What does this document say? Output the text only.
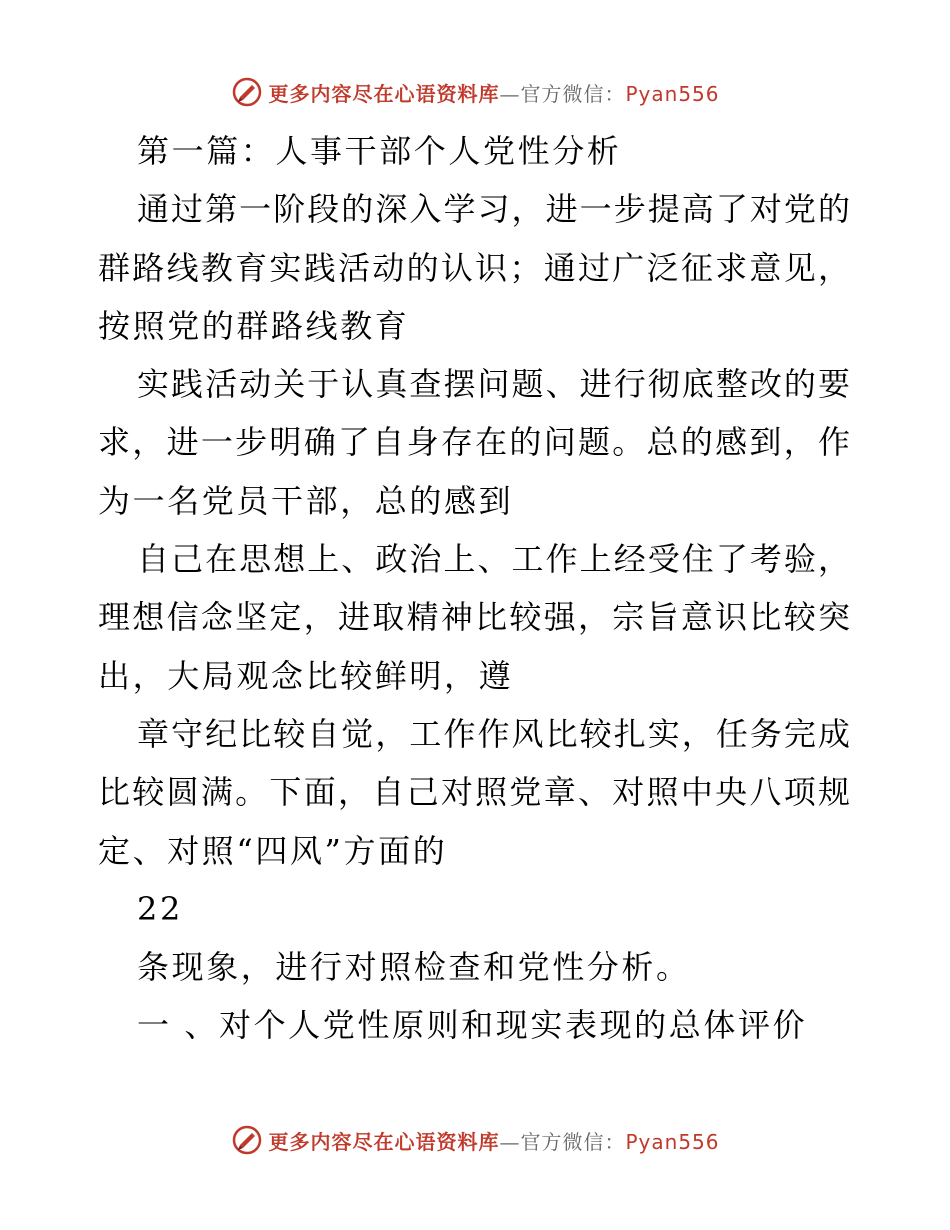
更多内容尽在心语资料库—官方微信：Pyan556
第一篇：人事干部个人党性分析
通过第一阶段的深入学习，进一步提高了对党的
群路线教育实践活动的认识；通过广泛征求意见，
按照党的群路线教育
实践活动关于认真查摆问题、进行彻底整改的要
求，进一步明确了自身存在的问题。总的感到，作
为一名党员干部，总的感到
自己在思想上、政治上、工作上经受住了考验，
理想信念坚定，进取精神比较强，宗旨意识比较突
出，大局观念比较鲜明，遵
章守纪比较自觉，工作作风比较扎实，任务完成
比较圆满。下面，自己对照党章、对照中央八项规
定、对照“四风”方面的
22
条现象，进行对照检查和党性分析。
一 、对个人党性原则和现实表现的总体评价
更多内容尽在心语资料库—官方微信：Pyan556
